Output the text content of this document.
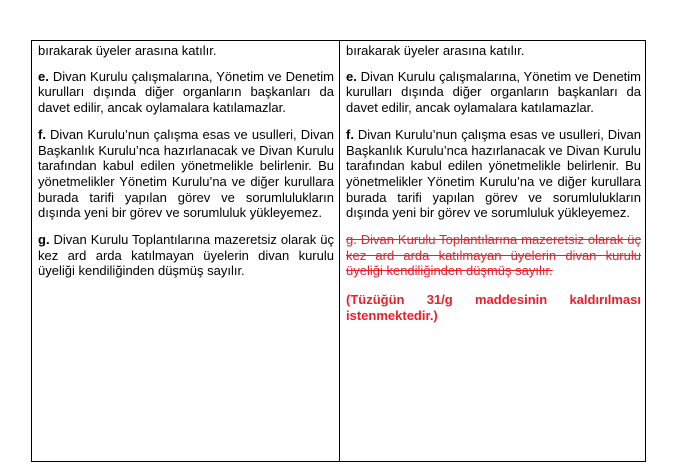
bırakarak üyeler arasına katılır.

e. Divan Kurulu çalışmalarına, Yönetim ve Denetim kurulları dışında diğer organların başkanları da davet edilir, ancak oylamalara katılamazlar.

f. Divan Kurulu’nun çalışma esas ve usulleri, Divan Başkanlık Kurulu’nca hazırlanacak ve Divan Kurulu tarafından kabul edilen yönetmelikle belirlenir. Bu yönetmelikler Yönetim Kurulu’na ve diğer kurullara burada tarifi yapılan görev ve sorumlulukların dışında yeni bir görev ve sorumluluk yükleyemez.

g. Divan Kurulu Toplantılarına mazeretsiz olarak üç kez ard arda katılmayan üyelerin divan kurulu üyeliği kendiliğinden düşmüş sayılır.

bırakarak üyeler arasına katılır.

e. Divan Kurulu çalışmalarına, Yönetim ve Denetim kurulları dışında diğer organların başkanları da davet edilir, ancak oylamalara katılamazlar.

f. Divan Kurulu’nun çalışma esas ve usulleri, Divan Başkanlık Kurulu’nca hazırlanacak ve Divan Kurulu tarafından kabul edilen yönetmelikle belirlenir. Bu yönetmelikler Yönetim Kurulu’na ve diğer kurullara burada tarifi yapılan görev ve sorumlulukların dışında yeni bir görev ve sorumluluk yükleyemez.

g. Divan Kurulu Toplantılarına mazeretsiz olarak üç kez ard arda katılmayan üyelerin divan kurulu üyeliği kendiliğinden düşmüş sayılır.

(Tüzüğün 31/g maddesinin kaldırılması istenmektedir.)
